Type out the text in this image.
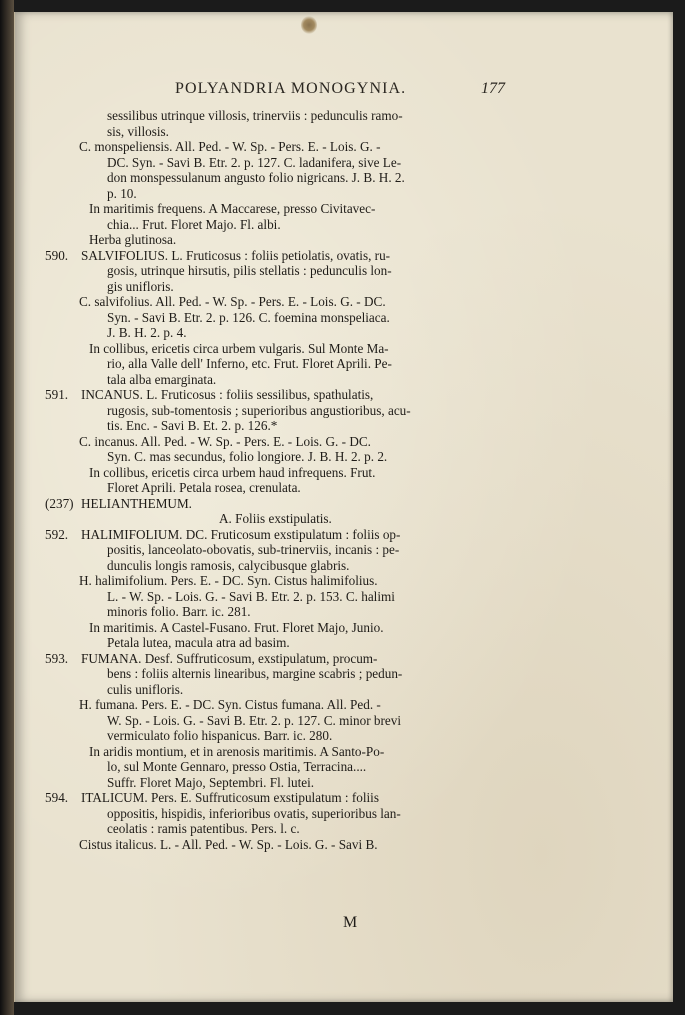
POLYANDRIA MONOGYNIA.	177
sessilibus utrinque villosis, trinerviis : pedunculis ramo-
sis, villosis.
C. monspeliensis. All. Ped. - W. Sp. - Pers. E. - Lois. G. -
DC. Syn. - Savi B. Etr. 2. p. 127. C. ladanifera, sive Le-
don monspessulanum angusto folio nigricans. J. B. H. 2.
p. 10.
In maritimis frequens. A Maccarese, presso Civitavec-
chia... Frut. Floret Majo. Fl. albi.
Herba glutinosa.
590. SALVIFOLIUS. L. Fruticosus : foliis petiolatis, ovatis, ru-
gosis, utrinque hirsutis, pilis stellatis : pedunculis lon-
gis unifloris.
C. salvifolius. All. Ped. - W. Sp. - Pers. E. - Lois. G. - DC.
Syn. - Savi B. Etr. 2. p. 126. C. foemina monspeliaca.
J. B. H. 2. p. 4.
In collibus, ericetis circa urbem vulgaris. Sul Monte Ma-
rio, alla Valle dell' Inferno, etc. Frut. Floret Aprili. Pe-
tala alba emarginata.
591. INCANUS. L. Fruticosus : foliis sessilibus, spathulatis,
rugosis, sub-tomentosis ; superioribus angustioribus, acu-
tis. Enc. - Savi B. Et. 2. p. 126.*
C. incanus. All. Ped. - W. Sp. - Pers. E. - Lois. G. - DC.
Syn. C. mas secundus, folio longiore. J. B. H. 2. p. 2.
In collibus, ericetis circa urbem haud infrequens. Frut.
Floret Aprili. Petala rosea, crenulata.
(237) HELIANTHEMUM.
A. Foliis exstipulatis.
592. HALIMIFOLIUM. DC. Fruticosum exstipulatum : foliis op-
positis, lanceolato-obovatis, sub-trinerviis, incanis : pe-
dunculis longis ramosis, calycibusque glabris.
H. halimifolium. Pers. E. - DC. Syn. Cistus halimifolius.
L. - W. Sp. - Lois. G. - Savi B. Etr. 2. p. 153. C. halimi
minoris folio. Barr. ic. 281.
In maritimis. A Castel-Fusano. Frut. Floret Majo, Junio.
Petala lutea, macula atra ad basim.
593. FUMANA. Desf. Suffruticosum, exstipulatum, procum-
bens : foliis alternis linearibus, margine scabris ; pedun-
culis unifloris.
H. fumana. Pers. E. - DC. Syn. Cistus fumana. All. Ped. -
W. Sp. - Lois. G. - Savi B. Etr. 2. p. 127. C. minor brevi
vermiculato folio hispanicus. Barr. ic. 280.
In aridis montium, et in arenosis maritimis. A Santo-Po-
lo, sul Monte Gennaro, presso Ostia, Terracina....
Suffr. Floret Majo, Septembri. Fl. lutei.
594. ITALICUM. Pers. E. Suffruticosum exstipulatum : foliis
oppositis, hispidis, inferioribus ovatis, superioribus lan-
ceolatis : ramis patentibus. Pers. l. c.
Cistus italicus. L. - All. Ped. - W. Sp. - Lois. G. - Savi B.
M
